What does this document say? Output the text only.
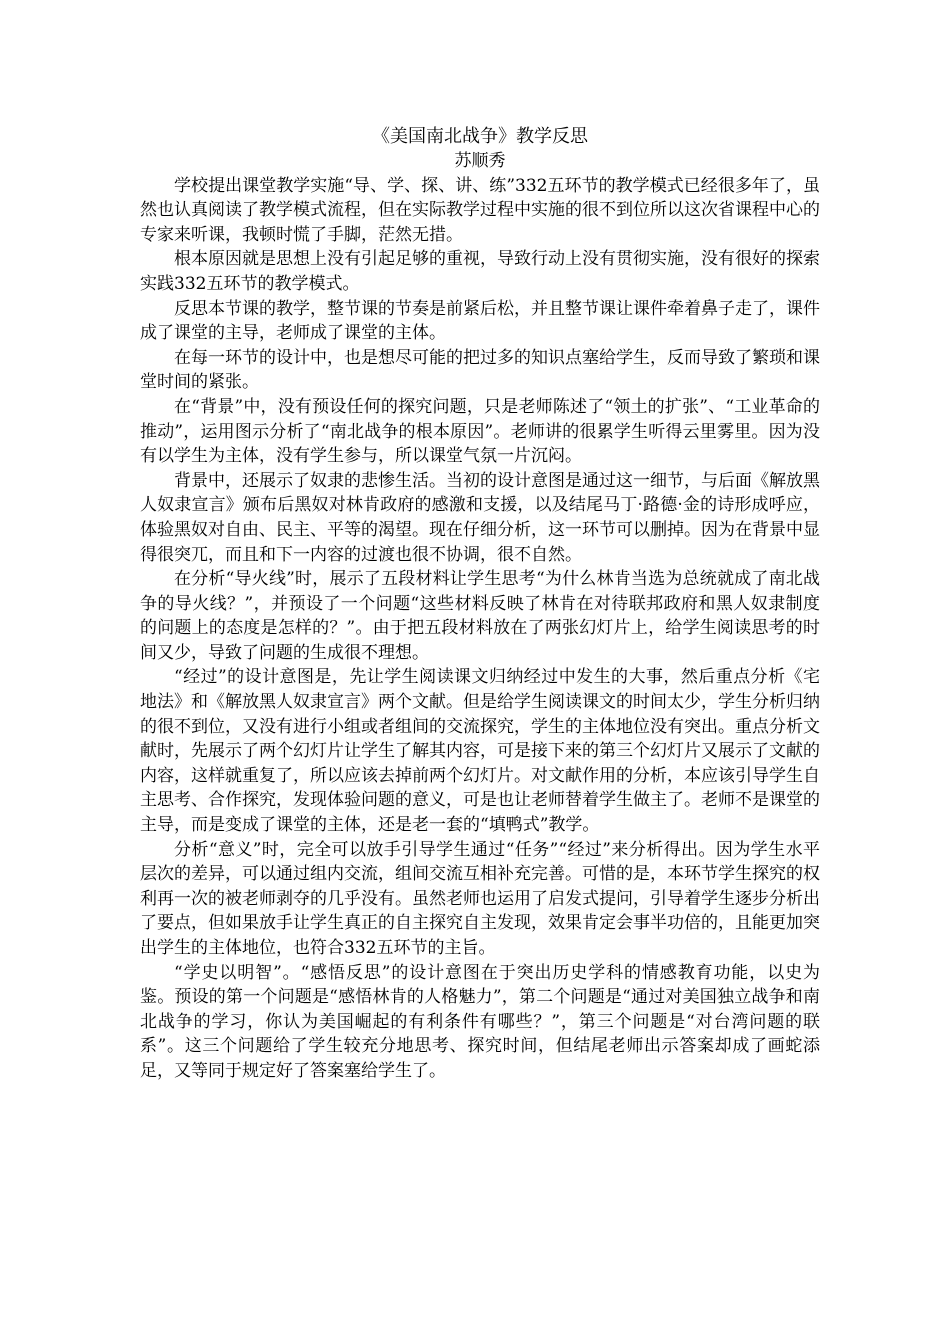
《美国南北战争》教学反思

苏顺秀

学校提出课堂教学实施“导、学、探、讲、练”332五环节的教学模式已经很多年了，虽然也认真阅读了教学模式流程，但在实际教学过程中实施的很不到位所以这次省课程中心的专家来听课，我顿时慌了手脚，茫然无措。

根本原因就是思想上没有引起足够的重视，导致行动上没有贯彻实施，没有很好的探索实践332五环节的教学模式。

反思本节课的教学，整节课的节奏是前紧后松，并且整节课让课件牵着鼻子走了，课件成了课堂的主导，老师成了课堂的主体。

在每一环节的设计中，也是想尽可能的把过多的知识点塞给学生，反而导致了繁琐和课堂时间的紧张。

在“背景”中，没有预设任何的探究问题，只是老师陈述了“领土的扩张”、“工业革命的推动”，运用图示分析了“南北战争的根本原因”。老师讲的很累学生听得云里雾里。因为没有以学生为主体，没有学生参与，所以课堂气氛一片沉闷。

背景中，还展示了奴隶的悲惨生活。当初的设计意图是通过这一细节，与后面《解放黑人奴隶宣言》颁布后黑奴对林肯政府的感激和支援，以及结尾马丁·路德·金的诗形成呼应，体验黑奴对自由、民主、平等的渴望。现在仔细分析，这一环节可以删掉。因为在背景中显得很突兀，而且和下一内容的过渡也很不协调，很不自然。

在分析“导火线”时，展示了五段材料让学生思考“为什么林肯当选为总统就成了南北战争的导火线？”，并预设了一个问题“这些材料反映了林肯在对待联邦政府和黑人奴隶制度的问题上的态度是怎样的？”。由于把五段材料放在了两张幻灯片上，给学生阅读思考的时间又少，导致了问题的生成很不理想。

“经过”的设计意图是，先让学生阅读课文归纳经过中发生的大事，然后重点分析《宅地法》和《解放黑人奴隶宣言》两个文献。但是给学生阅读课文的时间太少，学生分析归纳的很不到位，又没有进行小组或者组间的交流探究，学生的主体地位没有突出。重点分析文献时，先展示了两个幻灯片让学生了解其内容，可是接下来的第三个幻灯片又展示了文献的内容，这样就重复了，所以应该去掉前两个幻灯片。对文献作用的分析，本应该引导学生自主思考、合作探究，发现体验问题的意义，可是也让老师替着学生做主了。老师不是课堂的主导，而是变成了课堂的主体，还是老一套的“填鸭式”教学。

分析“意义”时，完全可以放手引导学生通过“任务”“经过”来分析得出。因为学生水平层次的差异，可以通过组内交流，组间交流互相补充完善。可惜的是，本环节学生探究的权利再一次的被老师剥夺的几乎没有。虽然老师也运用了启发式提问，引导着学生逐步分析出了要点，但如果放手让学生真正的自主探究自主发现，效果肯定会事半功倍的，且能更加突出学生的主体地位，也符合332五环节的主旨。

“学史以明智”。“感悟反思”的设计意图在于突出历史学科的情感教育功能，以史为鉴。预设的第一个问题是“感悟林肯的人格魅力”，第二个问题是“通过对美国独立战争和南北战争的学习，你认为美国崛起的有利条件有哪些？”，第三个问题是“对台湾问题的联系”。这三个问题给了学生较充分地思考、探究时间，但结尾老师出示答案却成了画蛇添足，又等同于规定好了答案塞给学生了。
